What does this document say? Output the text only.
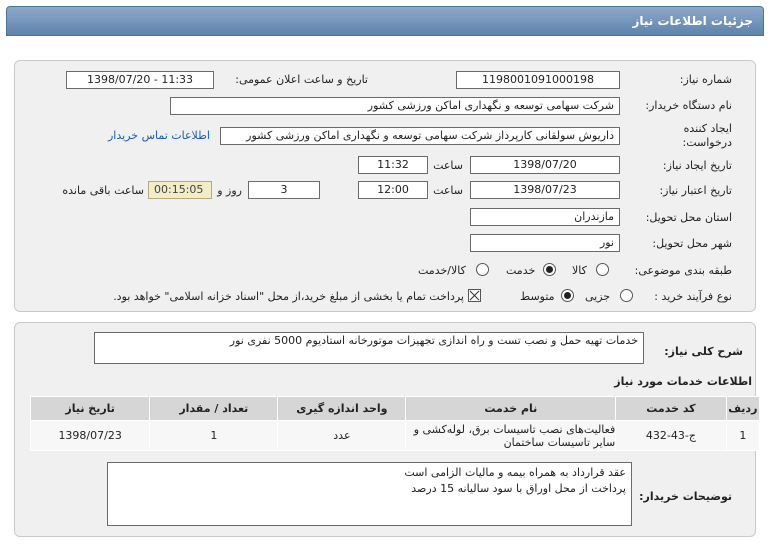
جزئیات اطلاعات نیاز
شماره نیاز:
1198001091000198
تاریخ و ساعت اعلان عمومی:
1398/07/20 - 11:33
نام دستگاه خریدار:
شرکت سهامی توسعه و نگهداری اماکن ورزشی کشور
ایجاد کننده درخواست:
داریوش سولقانی کارپرداز شرکت سهامی توسعه و نگهداری اماکن ورزشی کشور
اطلاعات تماس خریدار
تاریخ ایجاد نیاز:
1398/07/20
ساعت
11:32
تاریخ اعتبار نیاز:
1398/07/23
ساعت
12:00
3
روز و
00:15:05
ساعت باقی مانده
استان محل تحویل:
مازندران
شهر محل تحویل:
نور
طبقه بندی موضوعی:
کالا
خدمت
کالا/خدمت
نوع فرآیند خرید :
جزیی
متوسط
پرداخت تمام یا بخشی از مبلغ خرید،از محل "اسناد خزانه اسلامی" خواهد بود.
شرح کلی نیاز:
خدمات تهیه حمل و نصب تست و راه اندازی تجهیزات موتورخانه استادیوم 5000 نفری نور
اطلاعات خدمات مورد نیاز
ردیف	کد خدمت	نام خدمت	واحد اندازه گیری	تعداد / مقدار	تاریخ نیاز
1	ج-43-432	فعالیت‌های نصب تاسیسات برق، لوله‌کشی و سایر تاسیسات ساختمان	عدد	1	1398/07/23
توضیحات خریدار:
عقد قرارداد به همراه بیمه و مالیات الزامی است
پرداخت از محل اوراق با سود سالیانه 15 درصد
